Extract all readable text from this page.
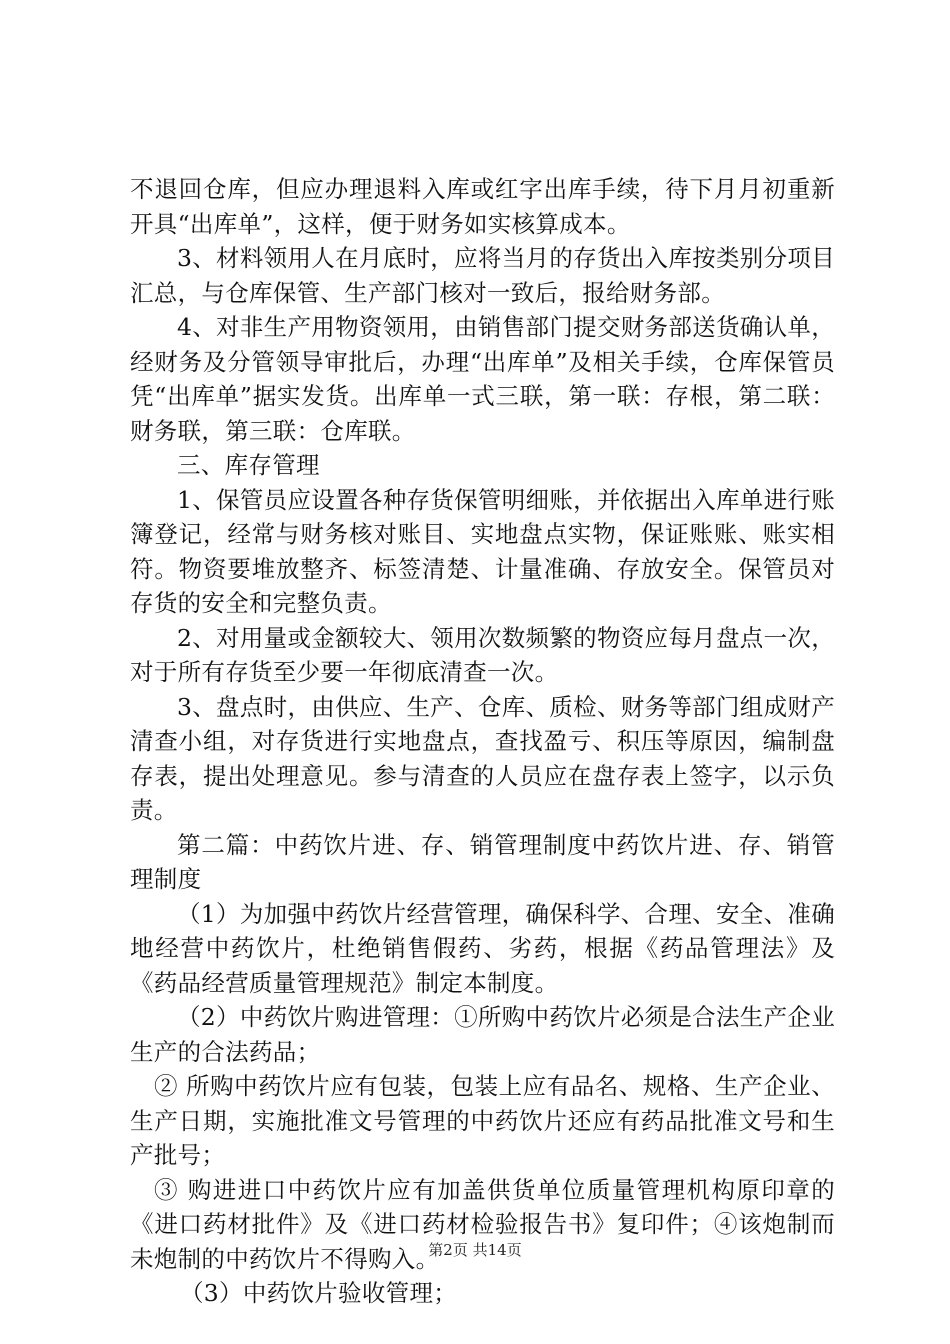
不退回仓库，但应办理退料入库或红字出库手续，待下月月初重新开具“出库单”，这样，便于财务如实核算成本。

3、材料领用人在月底时，应将当月的存货出入库按类别分项目汇总，与仓库保管、生产部门核对一致后，报给财务部。

4、对非生产用物资领用，由销售部门提交财务部送货确认单，经财务及分管领导审批后，办理“出库单”及相关手续，仓库保管员凭“出库单”据实发货。出库单一式三联，第一联：存根，第二联：财务联，第三联：仓库联。

三、库存管理

1、保管员应设置各种存货保管明细账，并依据出入库单进行账簿登记，经常与财务核对账目、实地盘点实物，保证账账、账实相符。物资要堆放整齐、标签清楚、计量准确、存放安全。保管员对存货的安全和完整负责。

2、对用量或金额较大、领用次数频繁的物资应每月盘点一次，对于所有存货至少要一年彻底清查一次。

3、盘点时，由供应、生产、仓库、质检、财务等部门组成财产清查小组，对存货进行实地盘点，查找盈亏、积压等原因，编制盘存表，提出处理意见。参与清查的人员应在盘存表上签字，以示负责。

第二篇：中药饮片进、存、销管理制度中药饮片进、存、销管理制度

（1）为加强中药饮片经营管理，确保科学、合理、安全、准确地经营中药饮片，杜绝销售假药、劣药，根据《药品管理法》及《药品经营质量管理规范》制定本制度。

（2）中药饮片购进管理：①所购中药饮片必须是合法生产企业生产的合法药品；

② 所购中药饮片应有包装，包装上应有品名、规格、生产企业、生产日期，实施批准文号管理的中药饮片还应有药品批准文号和生产批号；

③ 购进进口中药饮片应有加盖供货单位质量管理机构原印章的《进口药材批件》及《进口药材检验报告书》复印件；④该炮制而未炮制的中药饮片不得购入。

（3）中药饮片验收管理；

第2页 共14页
